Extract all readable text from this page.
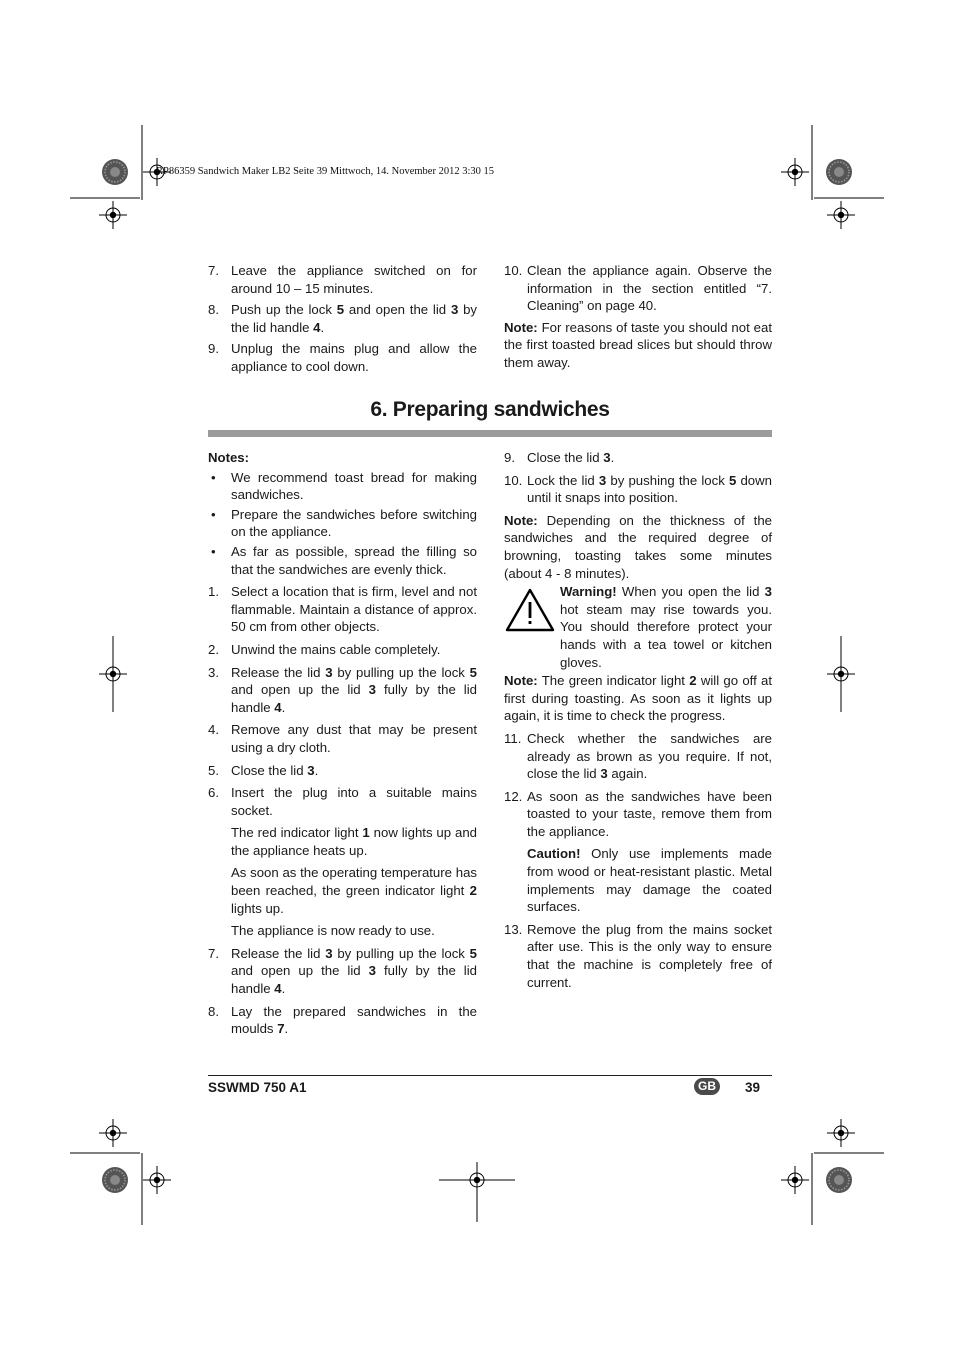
RP86359 Sandwich Maker LB2 Seite 39 Mittwoch, 14. November 2012 3:30 15
7. Leave the appliance switched on for around 10 – 15 minutes.
8. Push up the lock 5 and open the lid 3 by the lid handle 4.
9. Unplug the mains plug and allow the appliance to cool down.
10. Clean the appliance again. Observe the information in the section entitled “7. Cleaning” on page 40.

Note: For reasons of taste you should not eat the first toasted bread slices but should throw them away.

6. Preparing sandwiches

Notes:

• We recommend toast bread for making sandwiches.
• Prepare the sandwiches before switching on the appliance.
• As far as possible, spread the filling so that the sandwiches are evenly thick.
1. Select a location that is firm, level and not flammable. Maintain a distance of approx. 50 cm from other objects.
2. Unwind the mains cable completely.
3. Release the lid 3 by pulling up the lock 5 and open up the lid 3 fully by the lid handle 4.
4. Remove any dust that may be present using a dry cloth.
5. Close the lid 3.
6. Insert the plug into a suitable mains socket.

The red indicator light 1 now lights up and the appliance heats up.

As soon as the operating temperature has been reached, the green indicator light 2 lights up.

The appliance is now ready to use.

7. Release the lid 3 by pulling up the lock 5 and open up the lid 3 fully by the lid handle 4.
8. Lay the prepared sandwiches in the moulds 7.
9. Close the lid 3.
10. Lock the lid 3 by pushing the lock 5 down until it snaps into position.

Note: Depending on the thickness of the sandwiches and the required degree of browning, toasting takes some minutes (about 4 - 8 minutes).

Warning! When you open the lid 3 hot steam may rise towards you. You should therefore protect your hands with a tea towel or kitchen gloves.

Note: The green indicator light 2 will go off at first during toasting. As soon as it lights up again, it is time to check the progress.

11. Check whether the sandwiches are already as brown as you require. If not, close the lid 3 again.
12. As soon as the sandwiches have been toasted to your taste, remove them from the appliance.

Caution! Only use implements made from wood or heat-resistant plastic. Metal implements may damage the coated surfaces.

13. Remove the plug from the mains socket after use. This is the only way to ensure that the machine is completely free of current.
SSWMD 750 A1	GB 39
